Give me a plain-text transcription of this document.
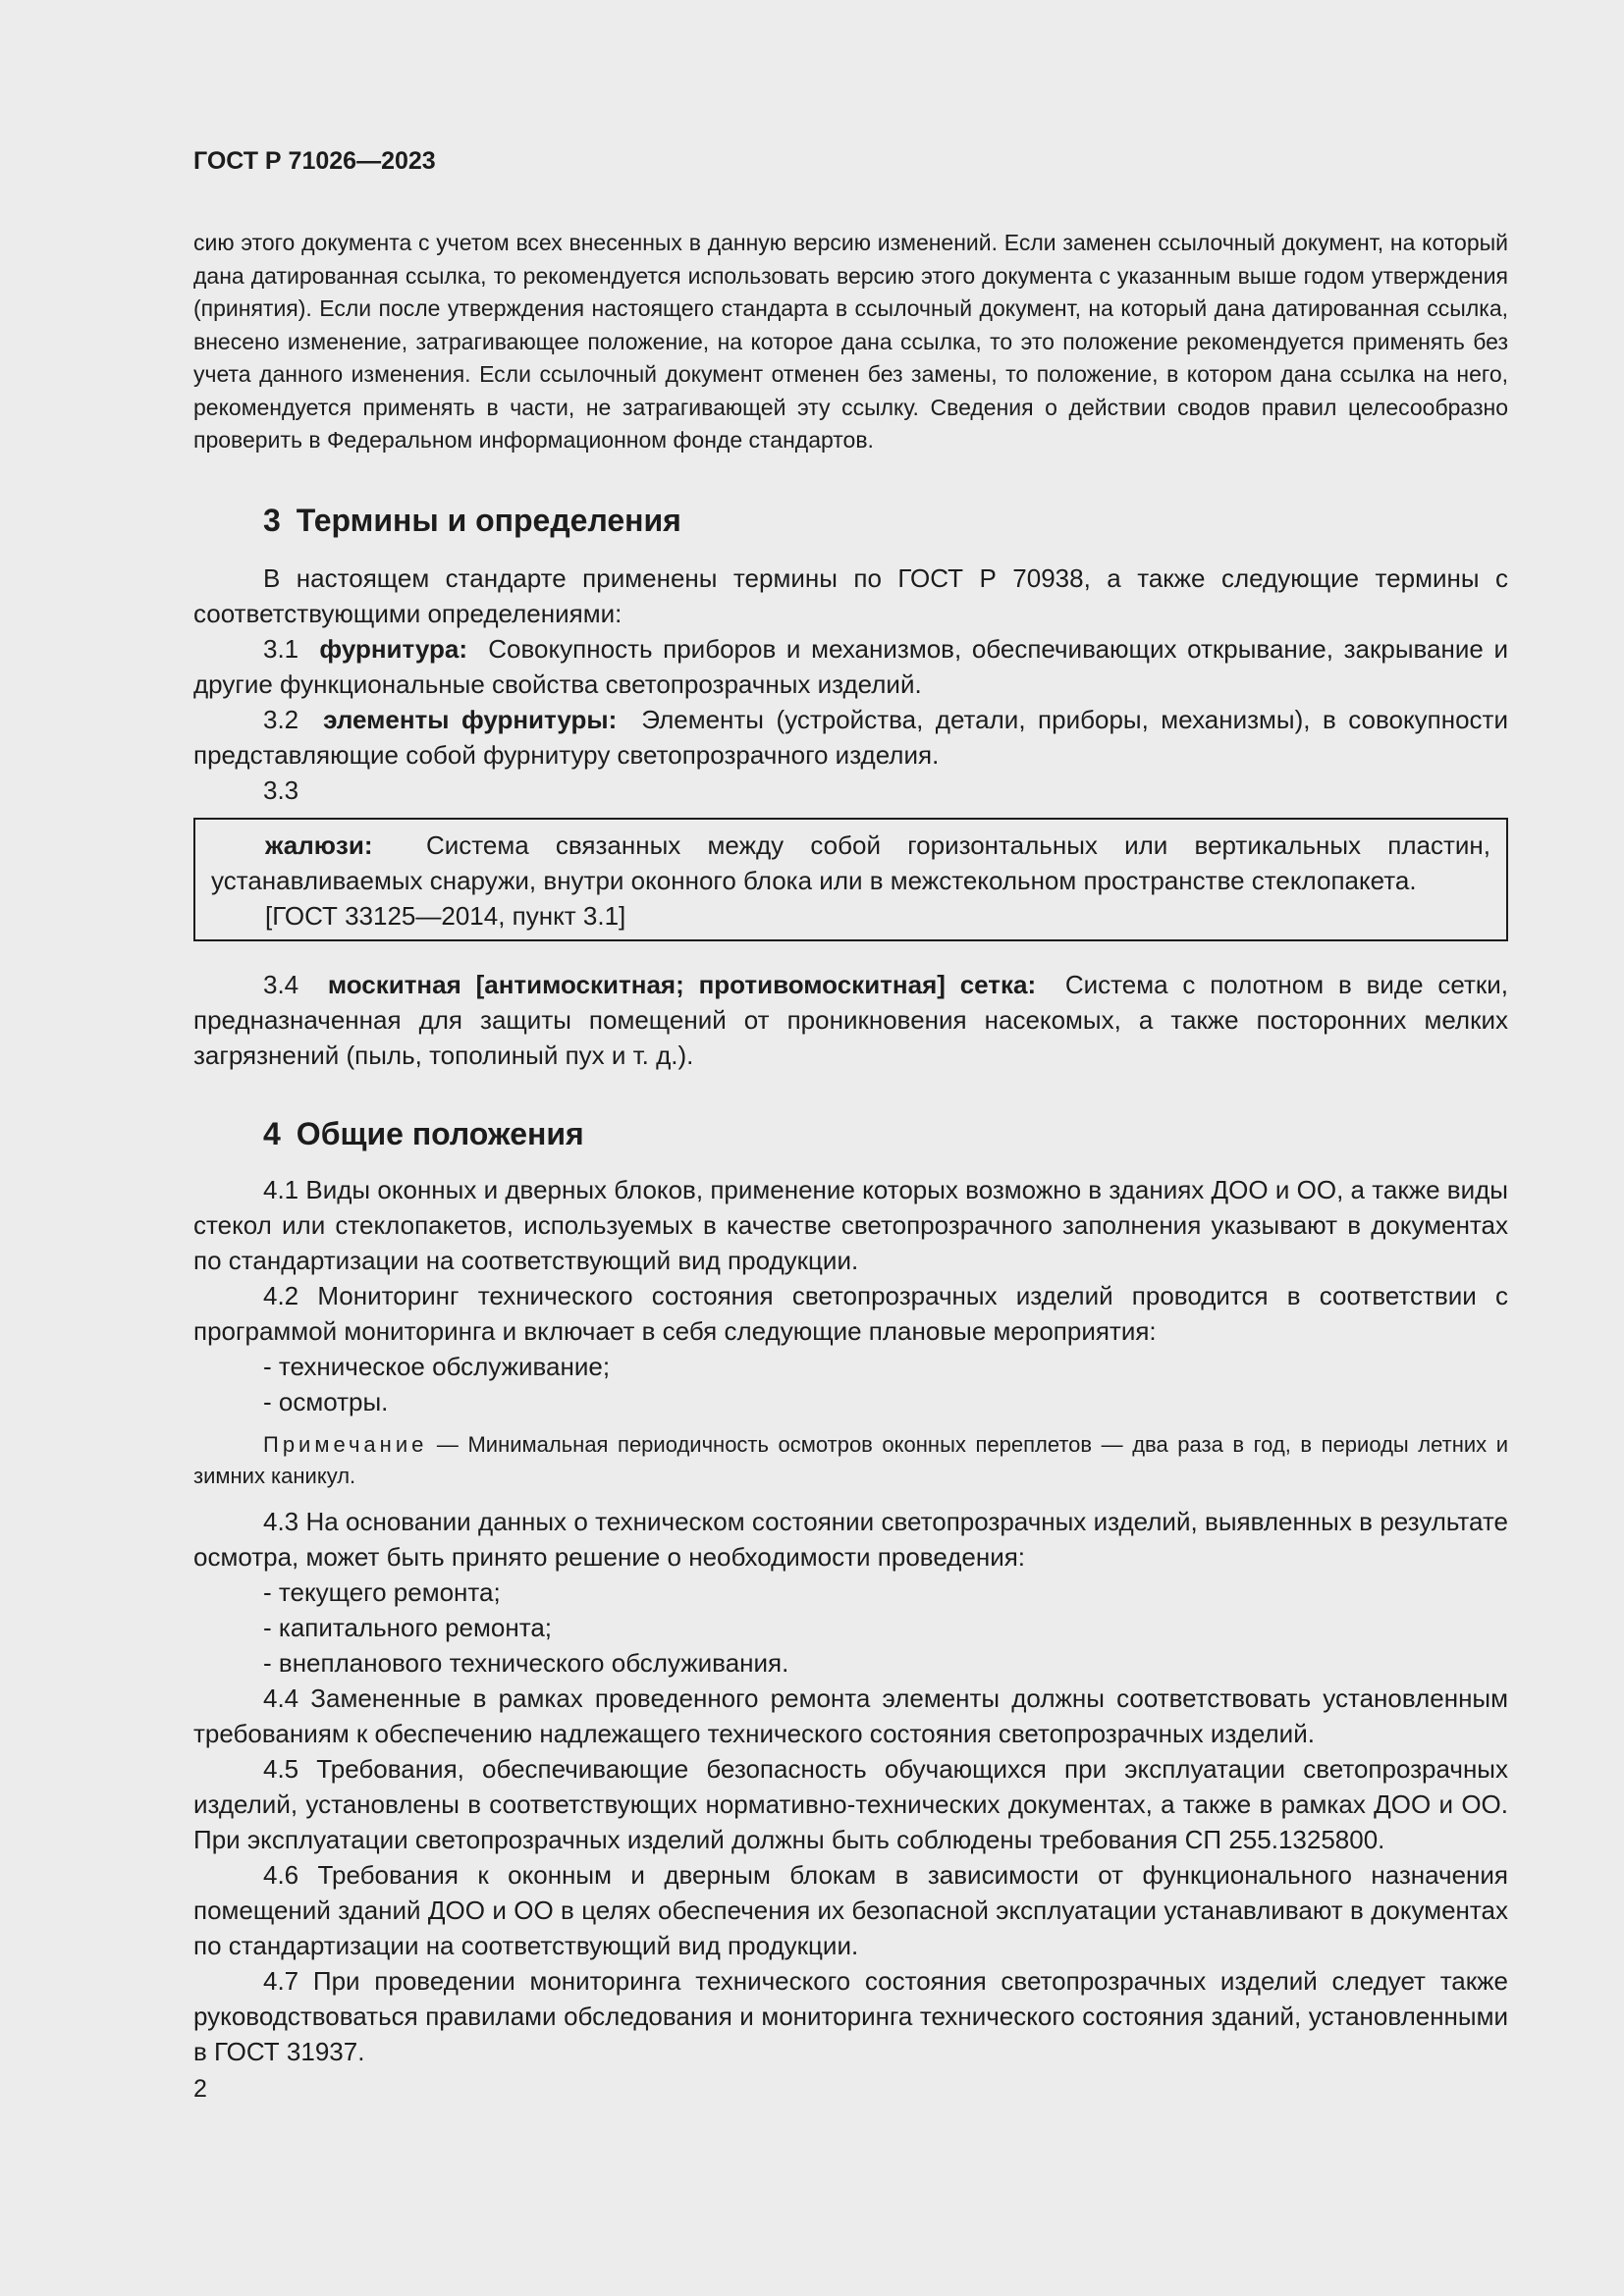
ГОСТ Р 71026—2023

сию этого документа с учетом всех внесенных в данную версию изменений. Если заменен ссылочный документ, на который дана датированная ссылка, то рекомендуется использовать версию этого документа с указанным выше годом утверждения (принятия). Если после утверждения настоящего стандарта в ссылочный документ, на который дана датированная ссылка, внесено изменение, затрагивающее положение, на которое дана ссылка, то это положение рекомендуется применять без учета данного изменения. Если ссылочный документ отменен без замены, то положение, в котором дана ссылка на него, рекомендуется применять в части, не затрагивающей эту ссылку. Сведения о действии сводов правил целесообразно проверить в Федеральном информационном фонде стандартов.

3 Термины и определения

В настоящем стандарте применены термины по ГОСТ Р 70938, а также следующие термины с соответствующими определениями:

3.1 фурнитура: Совокупность приборов и механизмов, обеспечивающих открывание, закрывание и другие функциональные свойства светопрозрачных изделий.

3.2 элементы фурнитуры: Элементы (устройства, детали, приборы, механизмы), в совокупности представляющие собой фурнитуру светопрозрачного изделия.

3.3

жалюзи: Система связанных между собой горизонтальных или вертикальных пластин, устанавливаемых снаружи, внутри оконного блока или в межстекольном пространстве стеклопакета.

[ГОСТ 33125—2014, пункт 3.1]

3.4 москитная [антимоскитная; противомоскитная] сетка: Система с полотном в виде сетки, предназначенная для защиты помещений от проникновения насекомых, а также посторонних мелких загрязнений (пыль, тополиный пух и т. д.).

4 Общие положения

4.1 Виды оконных и дверных блоков, применение которых возможно в зданиях ДОО и ОО, а также виды стекол или стеклопакетов, используемых в качестве светопрозрачного заполнения указывают в документах по стандартизации на соответствующий вид продукции.

4.2 Мониторинг технического состояния светопрозрачных изделий проводится в соответствии с программой мониторинга и включает в себя следующие плановые мероприятия:

- техническое обслуживание;

- осмотры.

Примечание — Минимальная периодичность осмотров оконных переплетов — два раза в год, в периоды летних и зимних каникул.

4.3 На основании данных о техническом состоянии светопрозрачных изделий, выявленных в результате осмотра, может быть принято решение о необходимости проведения:

- текущего ремонта;

- капитального ремонта;

- внепланового технического обслуживания.

4.4 Замененные в рамках проведенного ремонта элементы должны соответствовать установленным требованиям к обеспечению надлежащего технического состояния светопрозрачных изделий.

4.5 Требования, обеспечивающие безопасность обучающихся при эксплуатации светопрозрачных изделий, установлены в соответствующих нормативно-технических документах, а также в рамках ДОО и ОО. При эксплуатации светопрозрачных изделий должны быть соблюдены требования СП 255.1325800.

4.6 Требования к оконным и дверным блокам в зависимости от функционального назначения помещений зданий ДОО и ОО в целях обеспечения их безопасной эксплуатации устанавливают в документах по стандартизации на соответствующий вид продукции.

4.7 При проведении мониторинга технического состояния светопрозрачных изделий следует также руководствоваться правилами обследования и мониторинга технического состояния зданий, установленными в ГОСТ 31937.

2
